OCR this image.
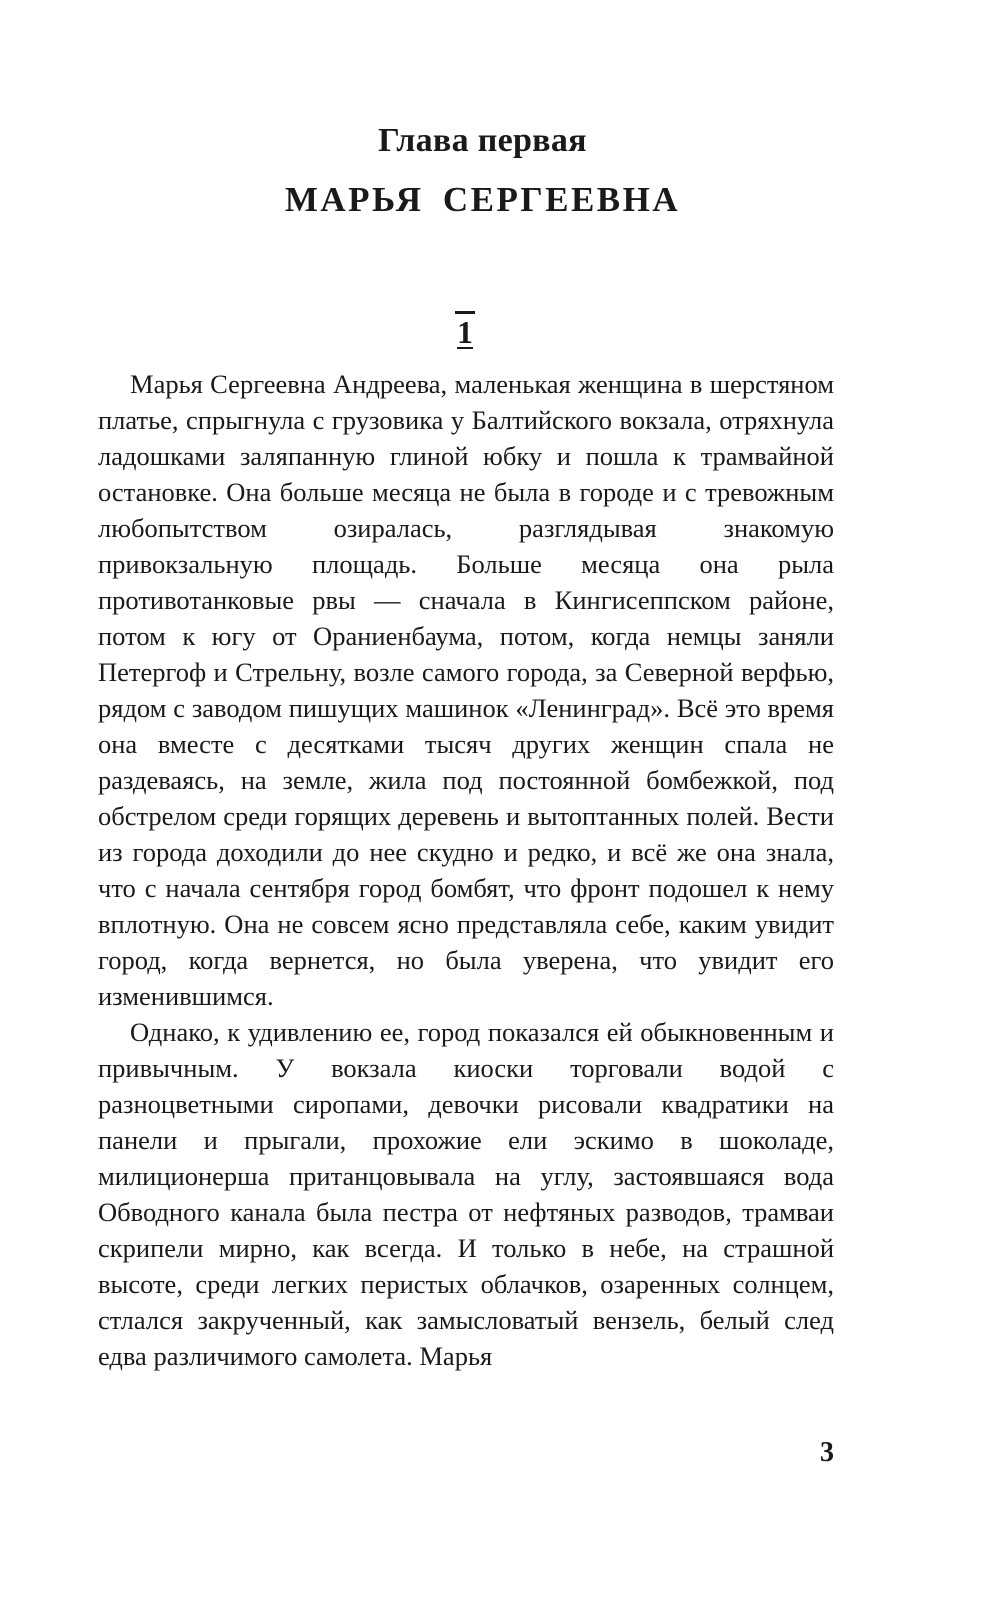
Глава первая
МАРЬЯ СЕРГЕЕВНА
1

Марья Сергеевна Андреева, маленькая женщина в шерстяном платье, спрыгнула с грузовика у Балтийского вокзала, отряхнула ладошками заляпанную глиной юбку и пошла к трамвайной остановке. Она больше месяца не была в городе и с тревожным любопытством озиралась, разглядывая знакомую привокзальную площадь. Больше месяца она рыла противотанковые рвы — сначала в Кингисеппском районе, потом к югу от Ораниенбаума, потом, когда немцы заняли Петергоф и Стрельну, возле самого города, за Северной верфью, рядом с заводом пишущих машинок «Ленинград». Всё это время она вместе с десятками тысяч других женщин спала не раздеваясь, на земле, жила под постоянной бомбежкой, под обстрелом среди горящих деревень и вытоптанных полей. Вести из города доходили до нее скудно и редко, и всё же она знала, что с начала сентября город бомбят, что фронт подошел к нему вплотную. Она не совсем ясно представляла себе, каким увидит город, когда вернется, но была уверена, что увидит его изменившимся.

Однако, к удивлению ее, город показался ей обыкновенным и привычным. У вокзала киоски торговали водой с разноцветными сиропами, девочки рисовали квадратики на панели и прыгали, прохожие ели эскимо в шоколаде, милиционерша пританцовывала на углу, застоявшаяся вода Обводного канала была пестра от нефтяных разводов, трамваи скрипели мирно, как всегда. И только в небе, на страшной высоте, среди легких перистых облачков, озаренных солнцем, стлался закрученный, как замысловатый вензель, белый след едва различимого самолета. Марья

3
